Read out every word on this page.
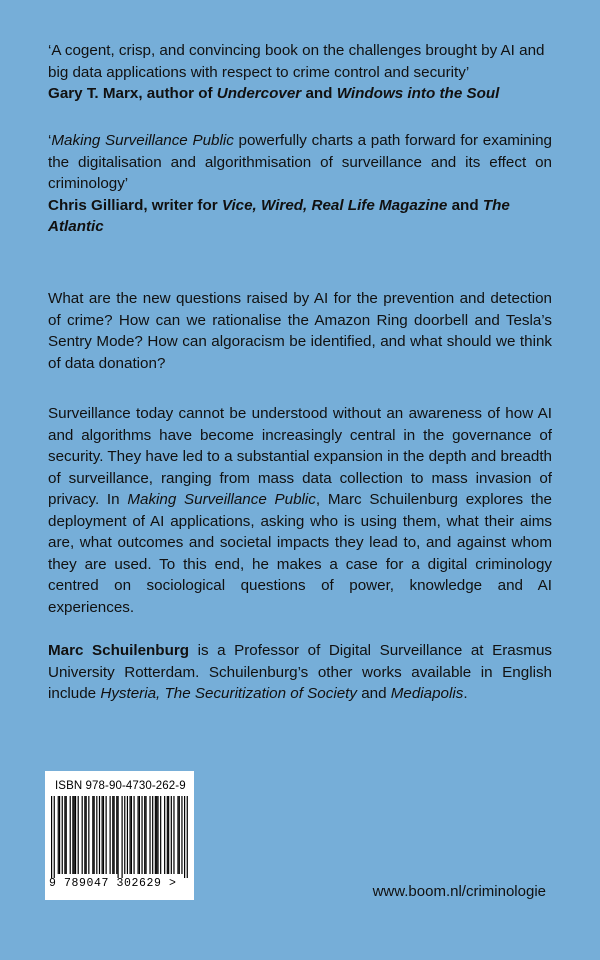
‘A cogent, crisp, and convincing book on the challenges brought by AI and big data applications with respect to crime control and security’

Gary T. Marx, author of Undercover and Windows into the Soul

‘Making Surveillance Public powerfully charts a path forward for examining the digitalisation and algorithmisation of surveillance and its effect on criminology’

Chris Gilliard, writer for Vice, Wired, Real Life Magazine and The Atlantic

What are the new questions raised by AI for the prevention and detection of crime? How can we rationalise the Amazon Ring doorbell and Tesla’s Sentry Mode? How can algoracism be identified, and what should we think of data donation?

Surveillance today cannot be understood without an awareness of how AI and algorithms have become increasingly central in the governance of security. They have led to a substantial expansion in the depth and breadth of surveillance, ranging from mass data collection to mass invasion of privacy. In Making Surveillance Public, Marc Schuilenburg explores the deployment of AI applications, asking who is using them, what their aims are, what outcomes and societal impacts they lead to, and against whom they are used. To this end, he makes a case for a digital criminology centred on sociological questions of power, knowledge and AI experiences.

Marc Schuilenburg is a Professor of Digital Surveillance at Erasmus University Rotterdam. Schuilenburg’s other works available in English include Hysteria, The Securitization of Society and Mediapolis.

ISBN 978-90-4730-262-9
9 789047 302629 >	www.boom.nl/criminologie
